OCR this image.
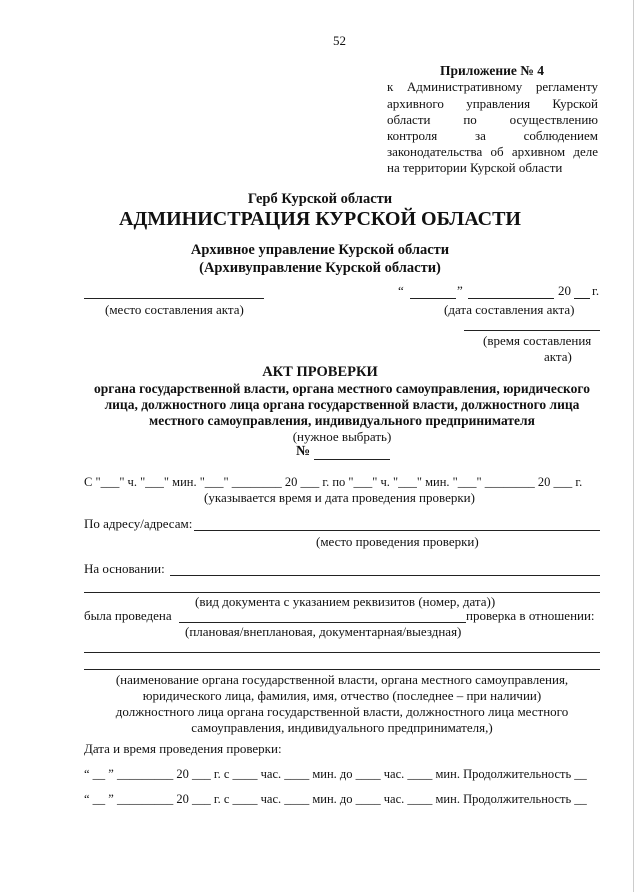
52
Приложение № 4
к Административному регламенту
архивного управления Курской
области по осуществлению
контроля за соблюдением
законодательства об архивном деле
на территории Курской области
Герб Курской области
АДМИНИСТРАЦИЯ КУРСКОЙ ОБЛАСТИ
Архивное управление Курской области
(Архивуправление Курской области)
(место составления акта)
“	”	20 г.
(дата составления акта)
(время составления
акта)
АКТ ПРОВЕРКИ
органа государственной власти, органа местного самоуправления, юридического
лица, должностного лица органа государственной власти, должностного лица
местного самоуправления, индивидуального предпринимателя
(нужное выбрать)
№
С "___" ч. "___" мин. "___" ________ 20 ___ г. по "___" ч. "___" мин. "___" ________ 20 ___ г.
(указывается время и дата проведения проверки)
По адресу/адресам:
(место проведения проверки)
На основании:
(вид документа с указанием реквизитов (номер, дата))
была проведена	проверка в отношении:
(плановая/внеплановая, документарная/выездная)
(наименование органа государственной власти, органа местного самоуправления,
юридического лица, фамилия, имя, отчество (последнее – при наличии)
должностного лица органа государственной власти, должностного лица местного
самоуправления, индивидуального предпринимателя,)
Дата и время проведения проверки:
“ __ ” _________ 20 ___ г. с ____ час. ____ мин. до ____ час. ____ мин. Продолжительность __
“ __ ” _________ 20 ___ г. с ____ час. ____ мин. до ____ час. ____ мин. Продолжительность __
